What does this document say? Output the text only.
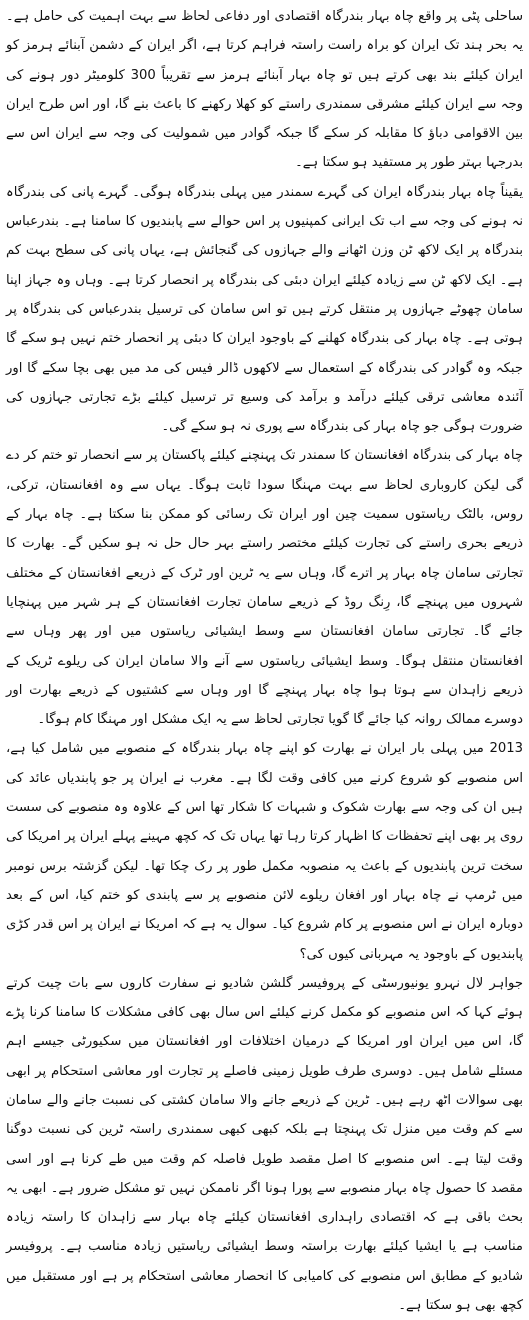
ساحلی پٹی پر واقع چاہ بہار بندرگاہ اقتصادی اور دفاعی لحاظ سے بہت اہمیت کی حامل ہے۔ یہ بحر ہند تک ایران کو براہ راست راستہ فراہم کرتا ہے، اگر ایران کے دشمن آبنائے ہرمز کو ایران کیلئے بند بھی کرتے ہیں تو چاہ بہار آبنائے ہرمز سے تقریباً 300 کلومیٹر دور ہونے کی وجہ سے ایران کیلئے مشرقی سمندری راستے کو کھلا رکھنے کا باعث بنے گا، اور اس طرح ایران بین الاقوامی دباؤ کا مقابلہ کر سکے گا جبکہ گوادر میں شمولیت کی وجہ سے ایران اس سے بدرجہا بہتر طور پر مستفید ہو سکتا ہے۔

یقیناً چاہ بہار بندرگاہ ایران کی گہرے سمندر میں پہلی بندرگاہ ہوگی۔ گہرے پانی کی بندرگاہ نہ ہونے کی وجہ سے اب تک ایرانی کمپنیوں پر اس حوالے سے پابندیوں کا سامنا ہے۔ بندرعباس بندرگاہ پر ایک لاکھ ٹن وزن اٹھانے والے جہازوں کی گنجائش ہے، یہاں پانی کی سطح بہت کم ہے۔ ایک لاکھ ٹن سے زیادہ کیلئے ایران دبئی کی بندرگاہ پر انحصار کرتا ہے۔ وہاں وہ جہاز اپنا سامان چھوٹے جہازوں پر منتقل کرتے ہیں تو اس سامان کی ترسیل بندرعباس کی بندرگاہ پر ہوتی ہے۔ چاہ بہار کی بندرگاہ کھلنے کے باوجود ایران کا دبئی پر انحصار ختم نہیں ہو سکے گا جبکہ وہ گوادر کی بندرگاہ کے استعمال سے لاکھوں ڈالر فیس کی مد میں بھی بچا سکے گا اور آئندہ معاشی ترقی کیلئے درآمد و برآمد کی وسیع تر ترسیل کیلئے بڑے تجارتی جہازوں کی ضرورت ہوگی جو چاہ بہار کی بندرگاہ سے پوری نہ ہو سکے گی۔

چاہ بہار کی بندرگاہ افغانستان کا سمندر تک پہنچنے کیلئے پاکستان پر سے انحصار تو ختم کر دے گی لیکن کاروباری لحاظ سے بہت مہنگا سودا ثابت ہوگا۔ یہاں سے وہ افغانستان، ترکی، روس، بالٹک ریاستوں سمیت چین اور ایران تک رسائی کو ممکن بنا سکتا ہے۔ چاہ بہار کے ذریعے بحری راستے کی تجارت کیلئے مختصر راستے بہر حال حل نہ ہو سکیں گے۔ بھارت کا تجارتی سامان چاہ بہار پر اترے گا، وہاں سے یہ ٹرین اور ٹرک کے ذریعے افغانستان کے مختلف شہروں میں پہنچے گا، رِنگ روڈ کے ذریعے سامان تجارت افغانستان کے ہر شہر میں پہنچایا جائے گا۔ تجارتی سامان افغانستان سے وسط ایشیائی ریاستوں میں اور پھر وہاں سے افغانستان منتقل ہوگا۔ وسط ایشیائی ریاستوں سے آنے والا سامان ایران کی ریلوے ٹریک کے ذریعے زاہدان سے ہوتا ہوا چاہ بہار پہنچے گا اور وہاں سے کشتیوں کے ذریعے بھارت اور دوسرے ممالک روانہ کیا جائے گا گویا تجارتی لحاظ سے یہ ایک مشکل اور مہنگا کام ہوگا۔

2013 میں پہلی بار ایران نے بھارت کو اپنے چاہ بہار بندرگاہ کے منصوبے میں شامل کیا ہے، اس منصوبے کو شروع کرنے میں کافی وقت لگا ہے۔ مغرب نے ایران پر جو پابندیاں عائد کی ہیں ان کی وجہ سے بھارت شکوک و شبہات کا شکار تھا اس کے علاوہ وہ منصوبے کی سست روی پر بھی اپنے تحفظات کا اظہار کرتا رہا تھا یہاں تک کہ کچھ مہینے پہلے ایران پر امریکا کی سخت ترین پابندیوں کے باعث یہ منصوبہ مکمل طور پر رک چکا تھا۔ لیکن گزشتہ برس نومبر میں ٹرمپ نے چاہ بہار اور افغان ریلوے لائن منصوبے پر سے پابندی کو ختم کیا، اس کے بعد دوبارہ ایران نے اس منصوبے پر کام شروع کیا۔ سوال یہ ہے کہ امریکا نے ایران پر اس قدر کڑی پابندیوں کے باوجود یہ مہربانی کیوں کی؟

جواہر لال نہرو یونیورسٹی کے پروفیسر گلشن شادیو نے سفارت کاروں سے بات چیت کرتے ہوئے کہا کہ اس منصوبے کو مکمل کرنے کیلئے اس سال بھی کافی مشکلات کا سامنا کرنا پڑے گا، اس میں ایران اور امریکا کے درمیان اختلافات اور افغانستان میں سکیورٹی جیسے اہم مسئلے شامل ہیں۔ دوسری طرف طویل زمینی فاصلے پر تجارت اور معاشی استحکام پر ابھی بھی سوالات اٹھ رہے ہیں۔ ٹرین کے ذریعے جانے والا سامان کشتی کی نسبت جانے والے سامان سے کم وقت میں منزل تک پہنچتا ہے بلکہ کبھی کبھی سمندری راستہ ٹرین کی نسبت دوگنا وقت لیتا ہے۔ اس منصوبے کا اصل مقصد طویل فاصلہ کم وقت میں طے کرنا ہے اور اسی مقصد کا حصول چاہ بہار منصوبے سے پورا ہونا اگر ناممکن نہیں تو مشکل ضرور ہے۔ ابھی یہ بحث باقی ہے کہ اقتصادی راہداری افغانستان کیلئے چاہ بہار سے زاہدان کا راستہ زیادہ مناسب ہے یا ایشیا کیلئے بھارت براستہ وسط ایشیائی ریاستیں زیادہ مناسب ہے۔ پروفیسر شادیو کے مطابق اس منصوبے کی کامیابی کا انحصار معاشی استحکام پر ہے اور مستقبل میں کچھ بھی ہو سکتا ہے۔
